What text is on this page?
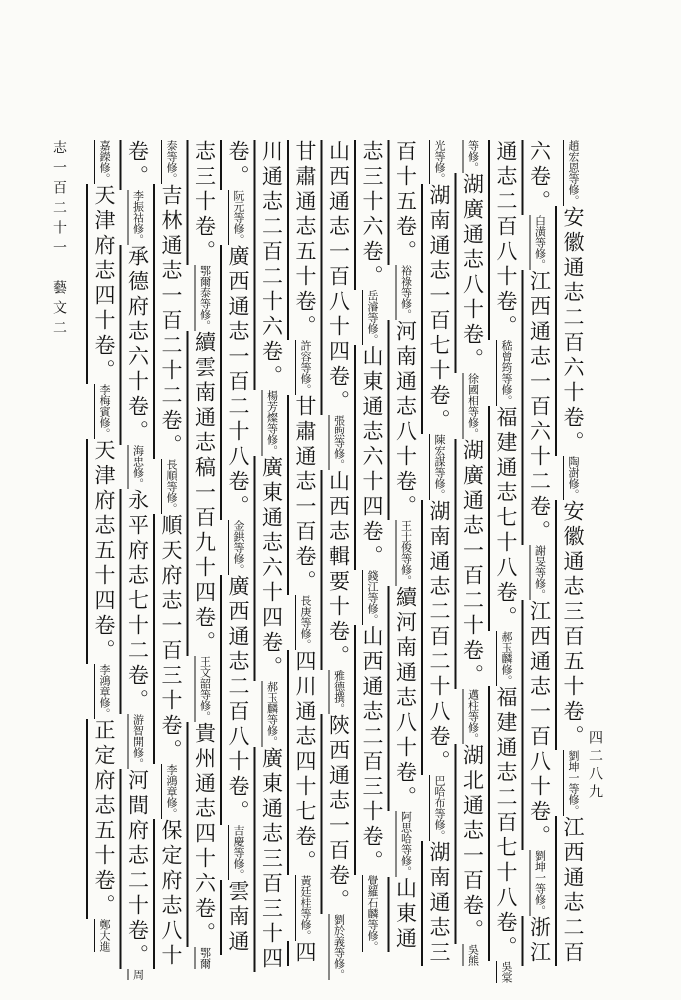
志一百二十一　藝文二
四二八九
趙宏恩等修。安徽通志二百六十卷。陶澍修。安徽通志三百五十卷。劉坤一等修。江西通志二百
六卷。白潢等修。江西通志一百六十二卷。謝旻等修。江西通志一百八十卷。劉坤一等修。浙江
通志二百八十卷。嵇曾筠等修。福建通志七十八卷。郝玉麟修。福建通志二百七十八卷。吳棠
等修。湖廣通志八十卷。徐國相等修。湖廣通志一百二十卷。邁柱等修。湖北通志一百卷。吳熊
光等修。湖南通志一百七十卷。陳宏謀等修。湖南通志二百二十八卷。巴哈布等修。湖南通志三
百十五卷。裕祿等修。河南通志八十卷。王士俊等修。續河南通志八十卷。阿思哈等修。山東通
志三十六卷。岳濬等修。山東通志六十四卷。錢江等修。山西通志二百三十卷。覺羅石麟等修。
山西通志一百八十四卷。張煦等修。山西志輯要十卷。雅德撰。陝西通志一百卷。劉於義等修。
甘肅通志五十卷。許容等修。甘肅通志一百卷。長庚等修。四川通志四十七卷。黃廷桂等修。四
川通志二百二十六卷。楊芳燦等修。廣東通志六十四卷。郝玉麟等修。廣東通志三百三十四
卷。阮元等修。廣西通志一百二十八卷。金鉷等修。廣西通志二百八十卷。吉慶等修。雲南通
志三十卷。鄂爾泰等修。續雲南通志稿一百九十四卷。王文韶等修。貴州通志四十六卷。鄂爾
泰等修。吉林通志一百二十二卷。長順等修。順天府志一百三十卷。李鴻章修。保定府志八十
卷。李振祜修。承德府志六十卷。海忠修。永平府志七十二卷。游智開修。河間府志二十卷。周
嘉鑅修。天津府志四十卷。李梅賓修。天津府志五十四卷。李鴻章修。正定府志五十卷。鄭大進
